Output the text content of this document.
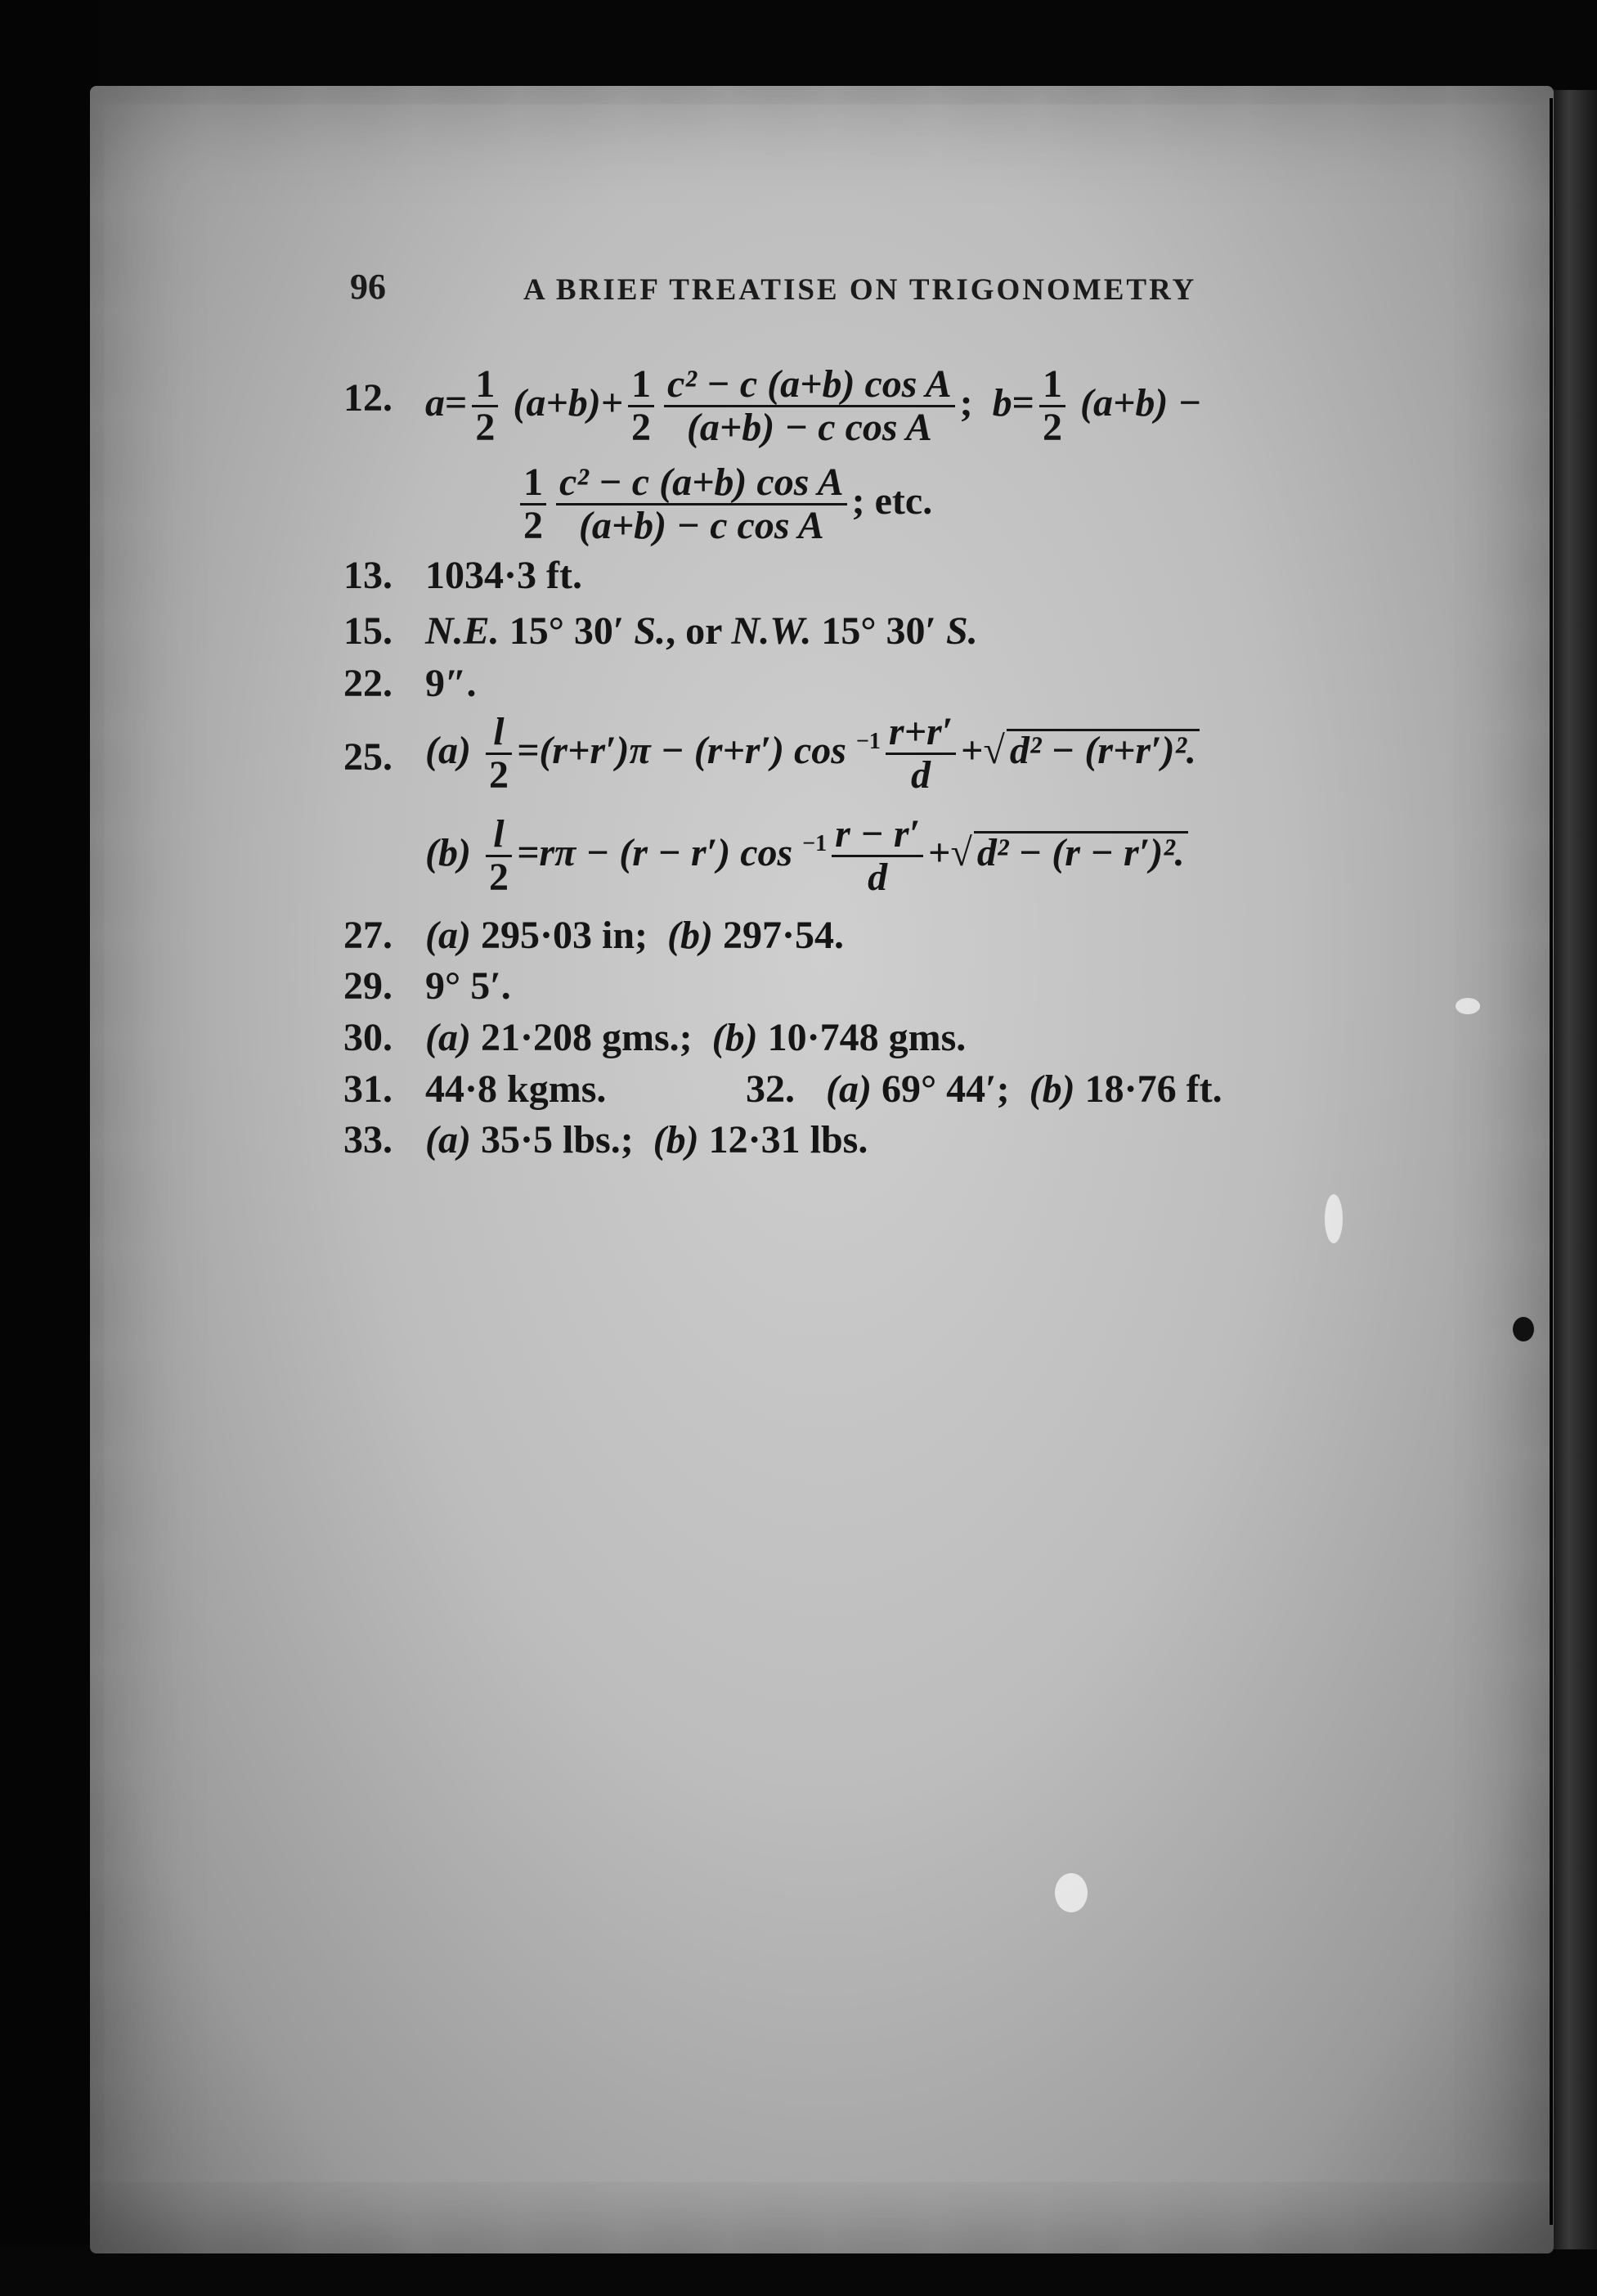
96	A BRIEF TREATISE ON TRIGONOMETRY
12. $a= \frac{1}{2} (a+b)+ \frac{1}{2} \frac{\text{c² − c (a+b) cos A}}{\text{(a+b) − c cos A}}$ ; $b= \frac{1}{2} (a+b)$ −
$\frac{1}{2} \frac{\text{c² − c (a+b) cos A}}{\text{(a+b) − c cos A}}$ ; etc.
13. 1034·3 ft.
15. N.E. 15° 30′ S., or N.W. 15° 30′ S.
22. 9″.
25. $(a) \frac{l}{2} =(r+r')\pi - (r+r')$ $\cos ^{-1} \frac{r+r'}{d}$ +√ d² − (r+r′)².
$(b) \frac{l}{2} =r\pi - (r - r')$ $\cos ^{-1} \frac{r - r'}{d}$ +√ d² − (r − r′)².
27. (a) 295·03 in; (b) 297·54.
29. 9° 5′.
30. (a) 21·208 gms.; (b) 10·748 gms.
31. 44·8 kgms.	32. (a) 69° 44′; (b) 18·76 ft.
33. (a) 35·5 lbs.; (b) 12·31 lbs.
